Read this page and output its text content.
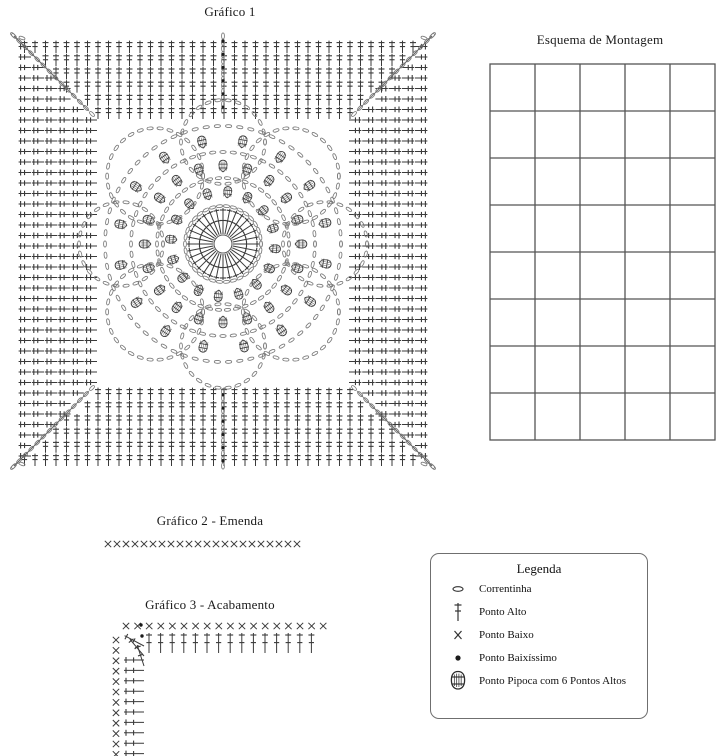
Gráfico 1
Esquema de Montagem
Gráfico 2 - Emenda
Gráfico 3 - Acabamento
Legenda
Correntinha
Ponto Alto
Ponto Baixo
Ponto Baixíssimo
Ponto Pipoca com 6 Pontos Altos
